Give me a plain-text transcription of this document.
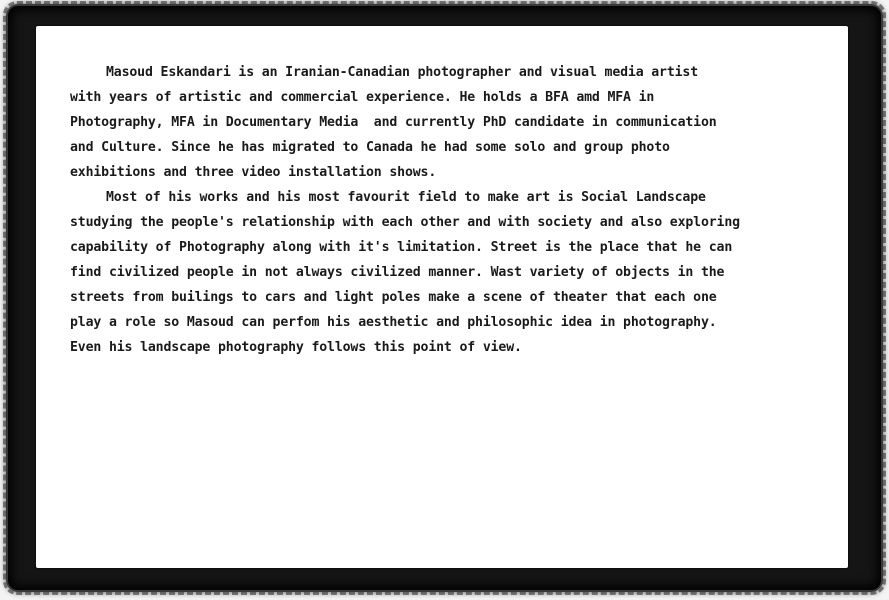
Masoud Eskandari is an Iranian-Canadian photographer and visual media artist
with years of artistic and commercial experience. He holds a BFA amd MFA in
Photography, MFA in Documentary Media  and currently PhD candidate in communication
and Culture. Since he has migrated to Canada he had some solo and group photo
exhibitions and three video installation shows.
Most of his works and his most favourit field to make art is Social Landscape
studying the people's relationship with each other and with society and also exploring
capability of Photography along with it's limitation. Street is the place that he can
find civilized people in not always civilized manner. Wast variety of objects in the
streets from builings to cars and light poles make a scene of theater that each one
play a role so Masoud can perfom his aesthetic and philosophic idea in photography.
Even his landscape photography follows this point of view.
